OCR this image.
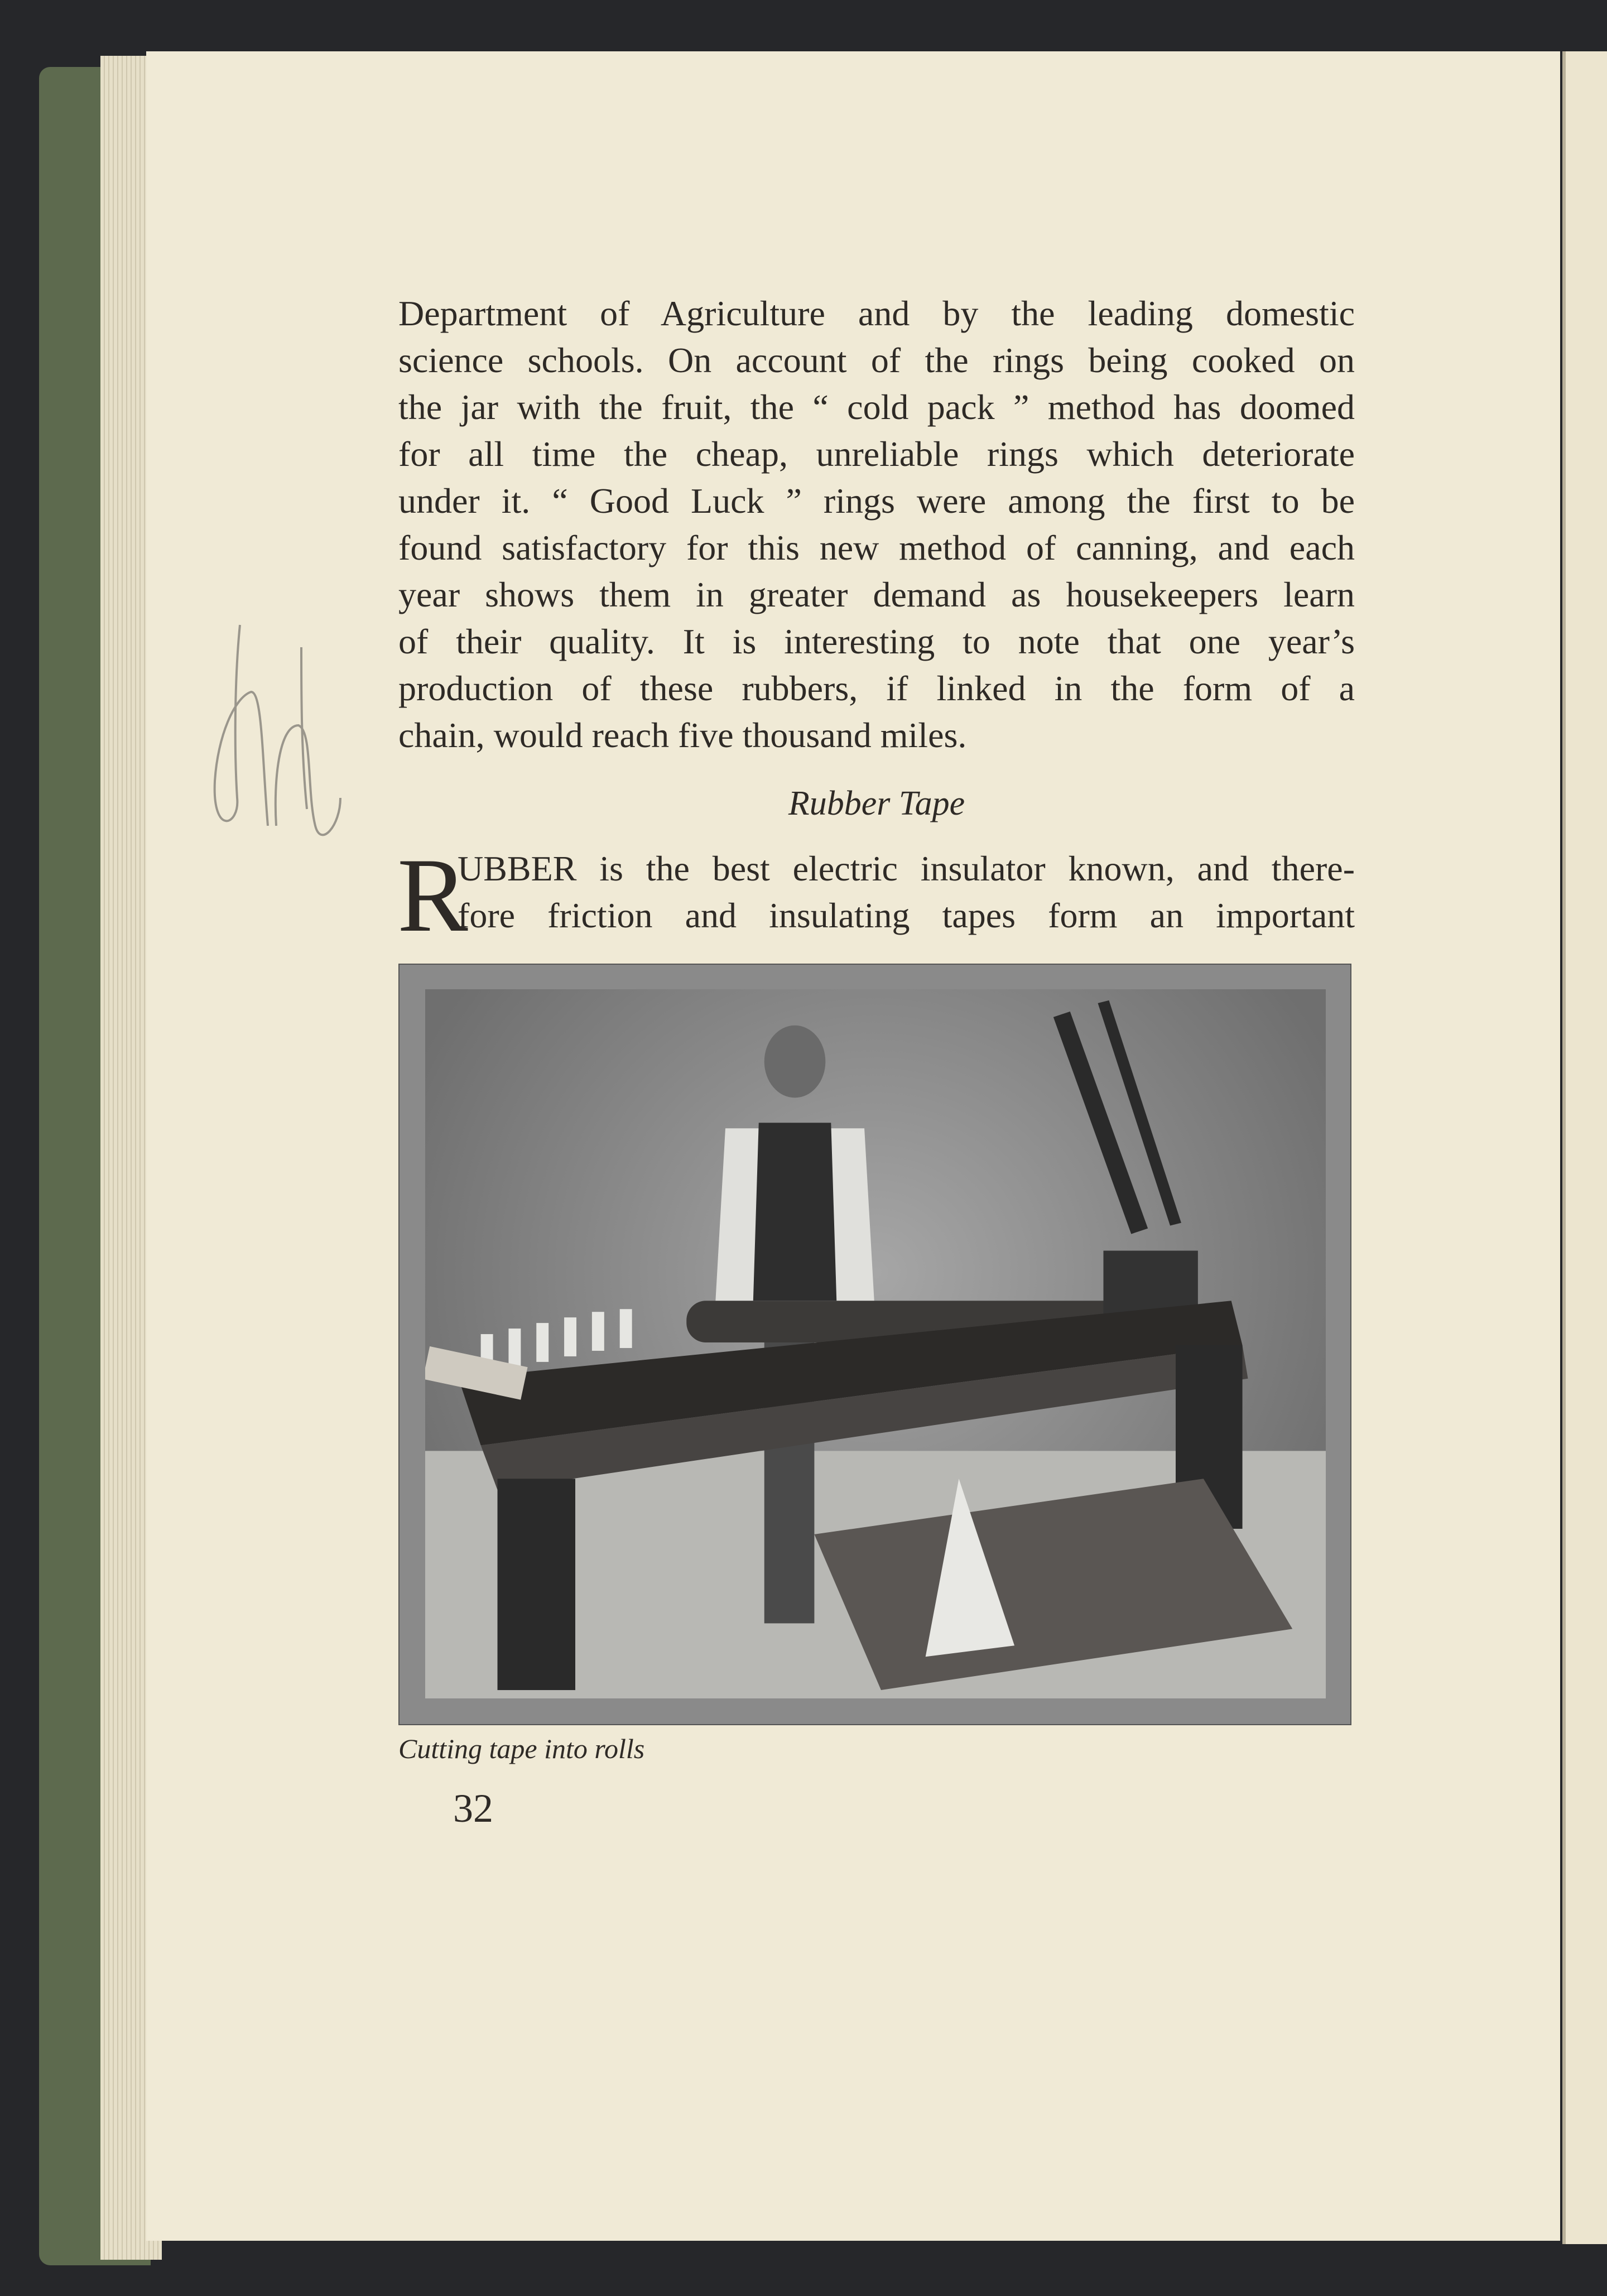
Department of Agriculture and by the leading domestic
science schools. On account of the rings being cooked on
the jar with the fruit, the “ cold pack ” method has doomed
for all time the cheap, unreliable rings which deteriorate
under it. “ Good Luck ” rings were among the first to be
found satisfactory for this new method of canning, and each
year shows them in greater demand as housekeepers learn
of their quality. It is interesting to note that one year’s
production of these rubbers, if linked in the form of a
chain, would reach five thousand miles.
Rubber Tape
R
UBBER is the best electric insulator known, and there-
fore friction and insulating tapes form an important
Cutting tape into rolls
32
